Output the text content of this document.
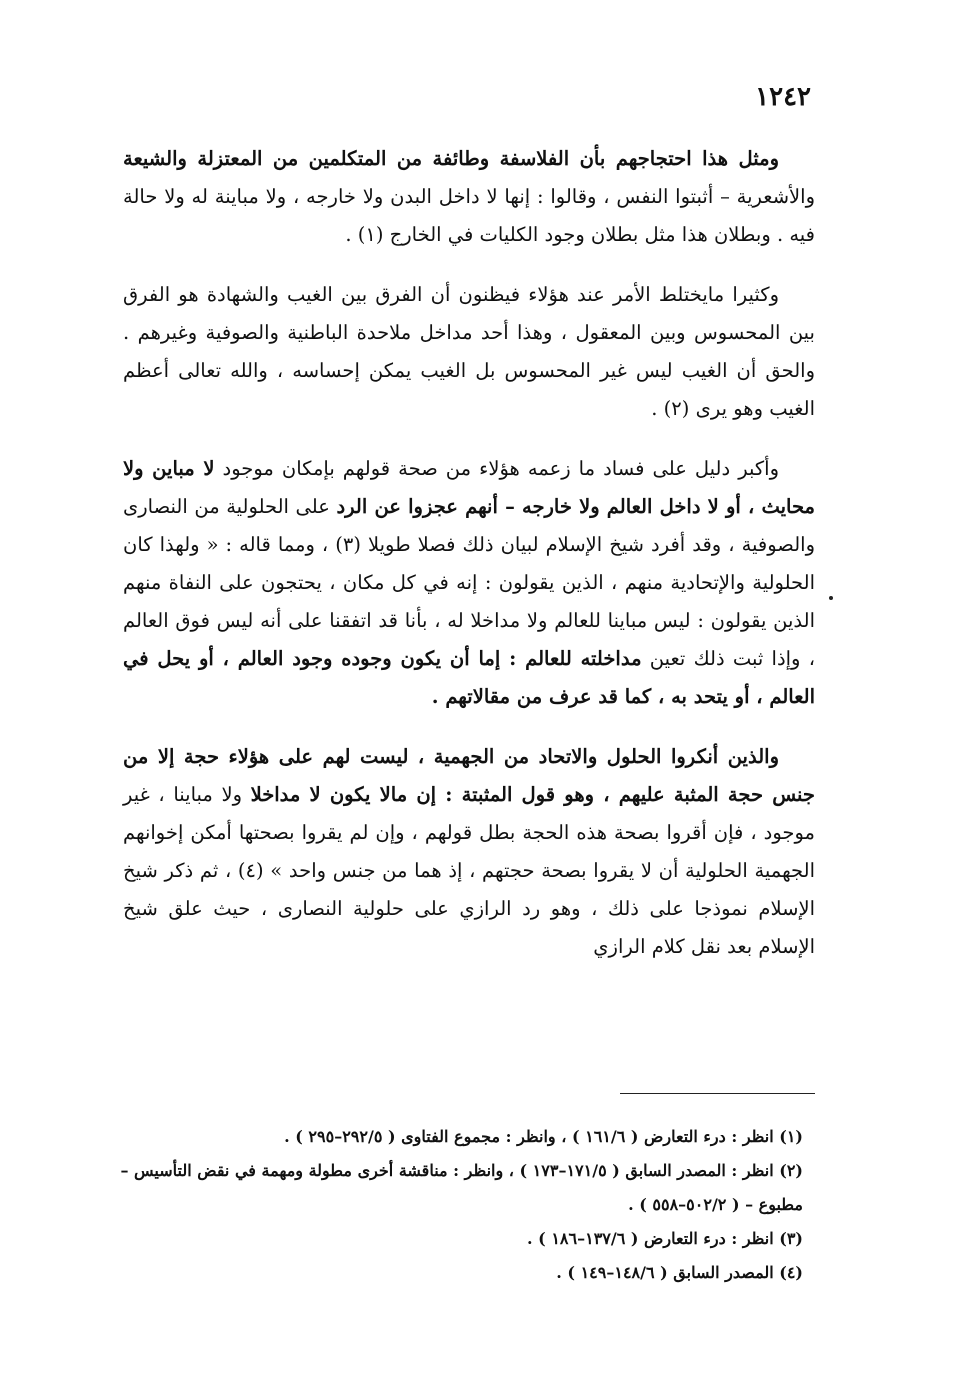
١٢٤٢

ومثل هذا احتجاجهم بأن الفلاسفة وطائفة من المتكلمين من المعتزلة والشيعة والأشعرية – أثبتوا النفس ، وقالوا : إنها لا داخل البدن ولا خارجه ، ولا مباينة له ولا حالة فيه . وبطلان هذا مثل بطلان وجود الكليات في الخارج (١) .

وكثيرا مايختلط الأمر عند هؤلاء فيظنون أن الفرق بين الغيب والشهادة هو الفرق بين المحسوس وبين المعقول ، وهذا أحد مداخل ملاحدة الباطنية والصوفية وغيرهم . والحق أن الغيب ليس غير المحسوس بل الغيب يمكن إحساسه ، والله تعالى أعظم الغيب وهو يرى (٢) .

وأكبر دليل على فساد ما زعمه هؤلاء من صحة قولهم بإمكان موجود لا مباين ولا محايث ، أو لا داخل العالم ولا خارجه – أنهم عجزوا عن الرد على الحلولية من النصارى والصوفية ، وقد أفرد شيخ الإسلام لبيان ذلك فصلا طويلا (٣) ، ومما قاله : « ولهذا كان الحلولية والإتحادية منهم ، الذين يقولون : إنه في كل مكان ، يحتجون على النفاة منهم الذين يقولون : ليس مباينا للعالم ولا مداخلا له ، بأنا قد اتفقنا على أنه ليس فوق العالم ، وإذا ثبت ذلك تعين مداخلته للعالم : إما أن يكون وجوده وجود العالم ، أو يحل في العالم ، أو يتحد به ، كما قد عرف من مقالاتهم .

والذين أنكروا الحلول والاتحاد من الجهمية ، ليست لهم على هؤلاء حجة إلا من جنس حجة المثبة عليهم ، وهو قول المثبتة : إن مالا يكون لا مداخلا ولا مباينا ، غير موجود ، فإن أقروا بصحة هذه الحجة بطل قولهم ، وإن لم يقروا بصحتها أمكن إخوانهم الجهمية الحلولية أن لا يقروا بصحة حجتهم ، إذ هما من جنس واحد » (٤) ، ثم ذكر شيخ الإسلام نموذجا على ذلك ، وهو رد الرازي على حلولية النصارى ، حيث علق شيخ الإسلام بعد نقل كلام الرازي

(١) انظر : درء التعارض ( ١٦١/٦ ) ، وانظر : مجموع الفتاوى ( ٢٩٢/٥–٢٩٥ ) .

(٢) انظر : المصدر السابق ( ١٧١/٥–١٧٣ ) ، وانظر : مناقشة أخرى مطولة ومهمة في نقض التأسيس – مطبوع – ( ٥٠٢/٢–٥٥٨ ) .

(٣) انظر : درء التعارض ( ١٣٧/٦–١٨٦ ) .

(٤) المصدر السابق ( ١٤٨/٦–١٤٩ ) .
